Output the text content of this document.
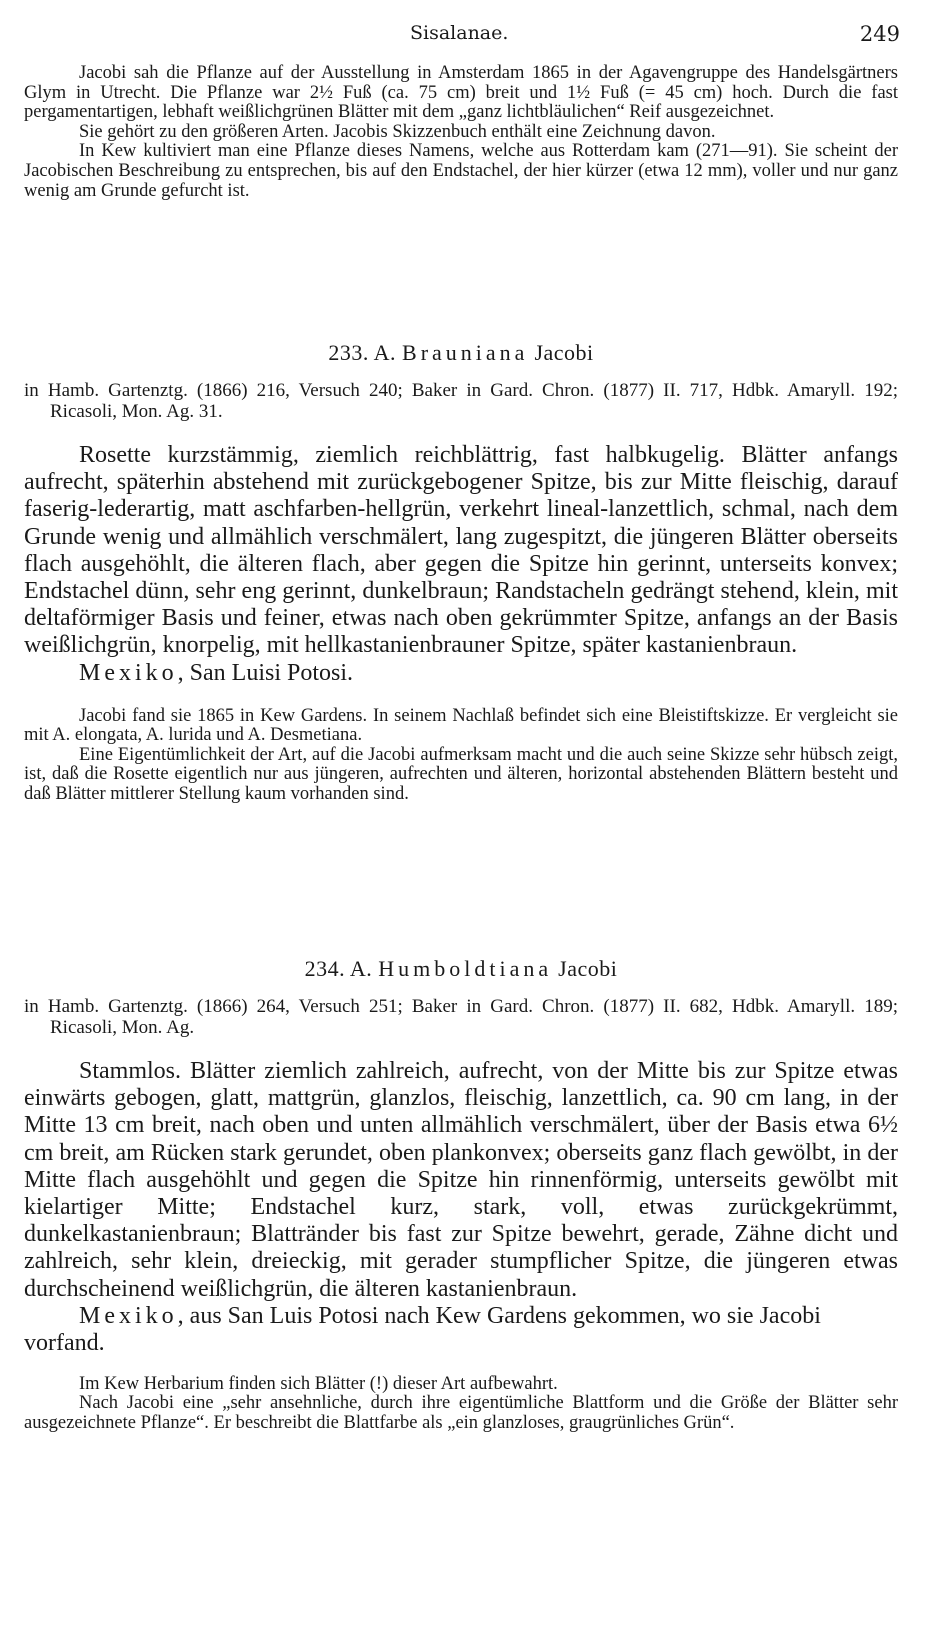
Sisalanae.	249

Jacobi sah die Pflanze auf der Ausstellung in Amsterdam 1865 in der Agavengruppe des Handelsgärtners Glym in Utrecht. Die Pflanze war 2½ Fuß (ca. 75 cm) breit und 1½ Fuß (= 45 cm) hoch. Durch die fast pergamentartigen, lebhaft weißlichgrünen Blätter mit dem „ganz lichtbläulichen“ Reif ausgezeichnet.

Sie gehört zu den größeren Arten. Jacobis Skizzenbuch enthält eine Zeichnung davon.

In Kew kultiviert man eine Pflanze dieses Namens, welche aus Rotterdam kam (271—91). Sie scheint der Jacobischen Beschreibung zu entsprechen, bis auf den Endstachel, der hier kürzer (etwa 12 mm), voller und nur ganz wenig am Grunde gefurcht ist.

233. A. Brauniana Jacobi

in Hamb. Gartenztg. (1866) 216, Versuch 240; Baker in Gard. Chron. (1877) II. 717, Hdbk. Amaryll. 192; Ricasoli, Mon. Ag. 31.

Rosette kurzstämmig, ziemlich reichblättrig, fast halbkugelig. Blätter anfangs aufrecht, späterhin abstehend mit zurückgebogener Spitze, bis zur Mitte fleischig, darauf faserig-lederartig, matt aschfarben-hellgrün, verkehrt lineal-lanzettlich, schmal, nach dem Grunde wenig und allmählich verschmälert, lang zugespitzt, die jüngeren Blätter oberseits flach ausgehöhlt, die älteren flach, aber gegen die Spitze hin gerinnt, unterseits konvex; Endstachel dünn, sehr eng gerinnt, dunkelbraun; Randstacheln gedrängt stehend, klein, mit deltaförmiger Basis und feiner, etwas nach oben gekrümmter Spitze, anfangs an der Basis weißlichgrün, knorpelig, mit hellkastanienbrauner Spitze, später kastanienbraun.

Mexiko, San Luisi Potosi.

Jacobi fand sie 1865 in Kew Gardens. In seinem Nachlaß befindet sich eine Bleistiftskizze. Er vergleicht sie mit A. elongata, A. lurida und A. Desmetiana.

Eine Eigentümlichkeit der Art, auf die Jacobi aufmerksam macht und die auch seine Skizze sehr hübsch zeigt, ist, daß die Rosette eigentlich nur aus jüngeren, aufrechten und älteren, horizontal abstehenden Blättern besteht und daß Blätter mittlerer Stellung kaum vorhanden sind.

234. A. Humboldtiana Jacobi

in Hamb. Gartenztg. (1866) 264, Versuch 251; Baker in Gard. Chron. (1877) II. 682, Hdbk. Amaryll. 189; Ricasoli, Mon. Ag.

Stammlos. Blätter ziemlich zahlreich, aufrecht, von der Mitte bis zur Spitze etwas einwärts gebogen, glatt, mattgrün, glanzlos, fleischig, lanzettlich, ca. 90 cm lang, in der Mitte 13 cm breit, nach oben und unten allmählich verschmälert, über der Basis etwa 6½ cm breit, am Rücken stark gerundet, oben plankonvex; oberseits ganz flach gewölbt, in der Mitte flach ausgehöhlt und gegen die Spitze hin rinnenförmig, unterseits gewölbt mit kielartiger Mitte; Endstachel kurz, stark, voll, etwas zurückgekrümmt, dunkelkastanienbraun; Blattränder bis fast zur Spitze bewehrt, gerade, Zähne dicht und zahlreich, sehr klein, dreieckig, mit gerader stumpflicher Spitze, die jüngeren etwas durchscheinend weißlichgrün, die älteren kastanienbraun.

Mexiko, aus San Luis Potosi nach Kew Gardens gekommen, wo sie Jacobi vorfand.

Im Kew Herbarium finden sich Blätter (!) dieser Art aufbewahrt.

Nach Jacobi eine „sehr ansehnliche, durch ihre eigentümliche Blattform und die Größe der Blätter sehr ausgezeichnete Pflanze“. Er beschreibt die Blattfarbe als „ein glanzloses, graugrünliches Grün“.
